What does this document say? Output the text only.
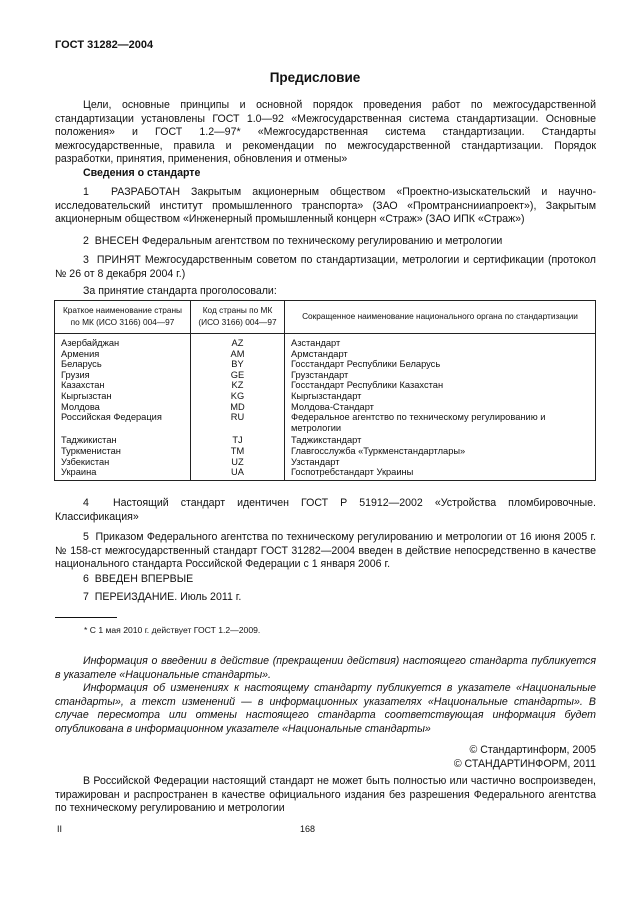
ГОСТ 31282—2004
Предисловие
Цели, основные принципы и основной порядок проведения работ по межгосударственной стандартизации установлены ГОСТ 1.0—92 «Межгосударственная система стандартизации. Основные положения» и ГОСТ 1.2—97* «Межгосударственная система стандартизации. Стандарты межгосударственные, правила и рекомендации по межгосударственной стандартизации. Порядок разработки, принятия, применения, обновления и отмены»
Сведения о стандарте
1 РАЗРАБОТАН Закрытым акционерным обществом «Проектно-изыскательский и научно-исследовательский институт промышленного транспорта» (ЗАО «Промтранснииапроект»), Закрытым акционерным обществом «Инженерный промышленный концерн «Страж» (ЗАО ИПК «Страж»)
2 ВНЕСЕН Федеральным агентством по техническому регулированию и метрологии
3 ПРИНЯТ Межгосударственным советом по стандартизации, метрологии и сертификации (протокол № 26 от 8 декабря 2004 г.)
За принятие стандарта проголосовали:
Краткое наименование страны по МК (ИСО 3166) 004—97	Код страны по МК (ИСО 3166) 004—97	Сокращенное наименование национального органа по стандартизации
Азербайджан	AZ	Азстандарт
Армения	AM	Армстандарт
Беларусь	BY	Госстандарт Республики Беларусь
Грузия	GE	Грузстандарт
Казахстан	KZ	Госстандарт Республики Казахстан
Кыргызстан	KG	Кыргызстандарт
Молдова	MD	Молдова-Стандарт
Российская Федерация	RU	Федеральное агентство по техническому регулированию и метрологии
Таджикистан	TJ	Таджикстандарт
Туркменистан	TM	Главгосслужба «Туркменстандартлары»
Узбекистан	UZ	Узстандарт
Украина	UA	Госпотребстандарт Украины
4 Настоящий стандарт идентичен ГОСТ Р 51912—2002 «Устройства пломбировочные. Классификация»
5 Приказом Федерального агентства по техническому регулированию и метрологии от 16 июня 2005 г. № 158-ст межгосударственный стандарт ГОСТ 31282—2004 введен в действие непосредственно в качестве национального стандарта Российской Федерации с 1 января 2006 г.
6 ВВЕДЕН ВПЕРВЫЕ
7 ПЕРЕИЗДАНИЕ. Июль 2011 г.
* С 1 мая 2010 г. действует ГОСТ 1.2—2009.
Информация о введении в действие (прекращении действия) настоящего стандарта публикуется в указателе «Национальные стандарты».
Информация об изменениях к настоящему стандарту публикуется в указателе «Национальные стандарты», а текст изменений — в информационных указателях «Национальные стандарты». В случае пересмотра или отмены настоящего стандарта соответствующая информация будет опубликована в информационном указателе «Национальные стандарты»
© Стандартинформ, 2005
© СТАНДАРТИНФОРМ, 2011
В Российской Федерации настоящий стандарт не может быть полностью или частично воспроизведен, тиражирован и распространен в качестве официального издания без разрешения Федерального агентства по техническому регулированию и метрологии
II	168
